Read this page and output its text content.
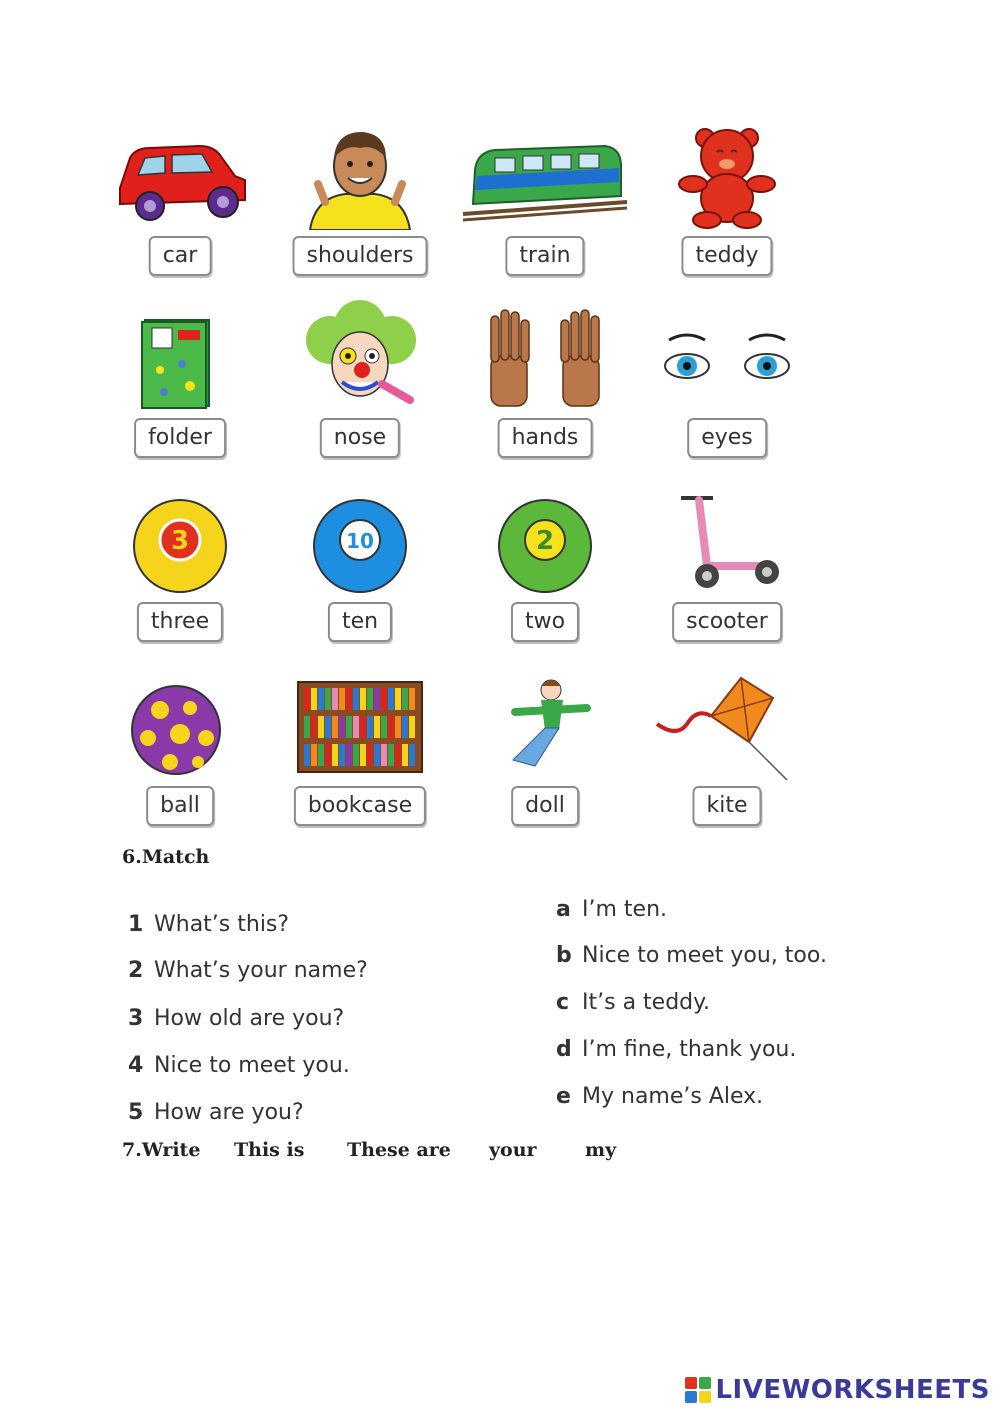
car	shoulders	train	teddy
folder	nose	hands	eyes
3
three
10
ten
2
two	scooter
ball	bookcase	doll	kite
6.Match
1 What’s this?
2 What’s your name?
3 How old are you?
4 Nice to meet you.
5 How are you?
a I’m ten.
b Nice to meet you, too.
c It’s a teddy.
d I’m fine, thank you.
e My name’s Alex.
7.Write This is These are your	my
LIVEWORKSHEETS
